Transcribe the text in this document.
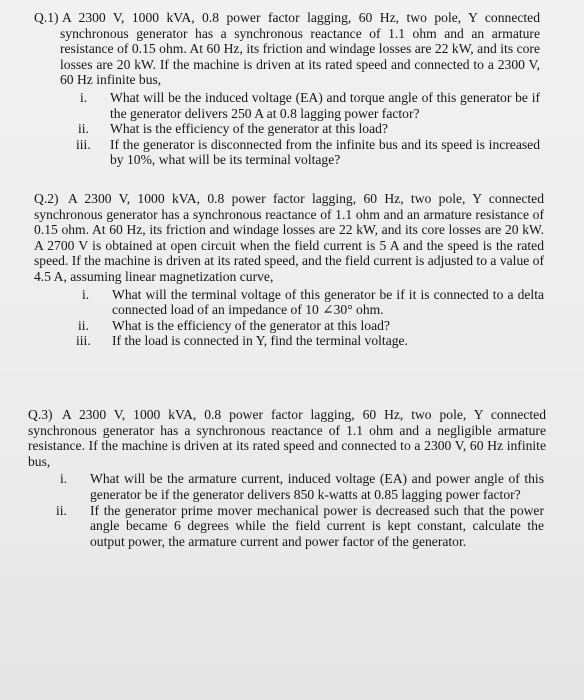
Q.1) A 2300 V, 1000 kVA, 0.8 power factor lagging, 60 Hz, two pole, Y connected synchronous generator has a synchronous reactance of 1.1 ohm and an armature resistance of 0.15 ohm. At 60 Hz, its friction and windage losses are 22 kW, and its core losses are 20 kW. If the machine is driven at its rated speed and connected to a 2300 V, 60 Hz infinite bus,
i. What will be the induced voltage (EA) and torque angle of this generator be if the generator delivers 250 A at 0.8 lagging power factor?
ii. What is the efficiency of the generator at this load?
iii. If the generator is disconnected from the infinite bus and its speed is increased by 10%, what will be its terminal voltage?
Q.2) A 2300 V, 1000 kVA, 0.8 power factor lagging, 60 Hz, two pole, Y connected synchronous generator has a synchronous reactance of 1.1 ohm and an armature resistance of 0.15 ohm. At 60 Hz, its friction and windage losses are 22 kW, and its core losses are 20 kW. A 2700 V is obtained at open circuit when the field current is 5 A and the speed is the rated speed. If the machine is driven at its rated speed, and the field current is adjusted to a value of 4.5 A, assuming linear magnetization curve,
i. What will the terminal voltage of this generator be if it is connected to a delta connected load of an impedance of 10 ∠30° ohm.
ii. What is the efficiency of the generator at this load?
iii. If the load is connected in Y, find the terminal voltage.
Q.3) A 2300 V, 1000 kVA, 0.8 power factor lagging, 60 Hz, two pole, Y connected synchronous generator has a synchronous reactance of 1.1 ohm and a negligible armature resistance. If the machine is driven at its rated speed and connected to a 2300 V, 60 Hz infinite bus,
i. What will be the armature current, induced voltage (EA) and power angle of this generator be if the generator delivers 850 k-watts at 0.85 lagging power factor?
ii. If the generator prime mover mechanical power is decreased such that the power angle became 6 degrees while the field current is kept constant, calculate the output power, the armature current and power factor of the generator.
